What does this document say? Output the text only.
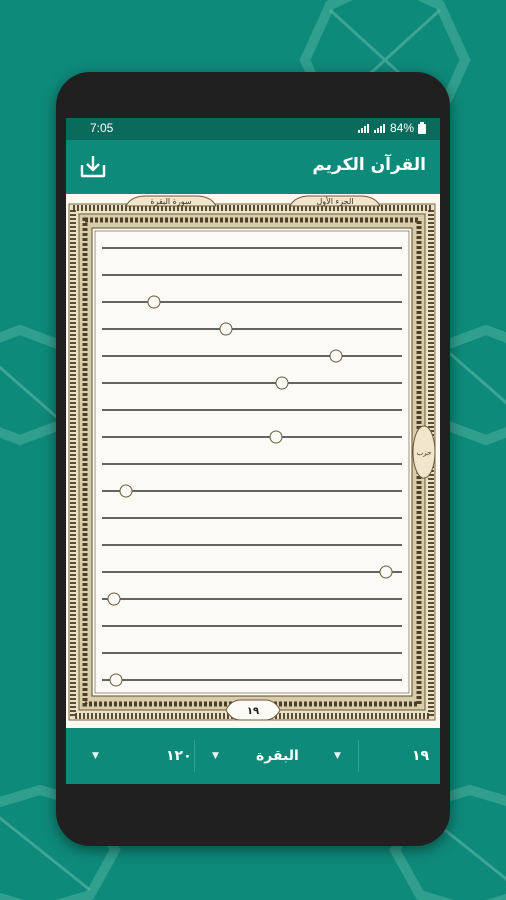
7:05	84%
القرآن الكريم
سورة البقرة	الجزء الأول
حزب
١٩
▼	١٢٠ ▼	البقرة	▼	١٩
